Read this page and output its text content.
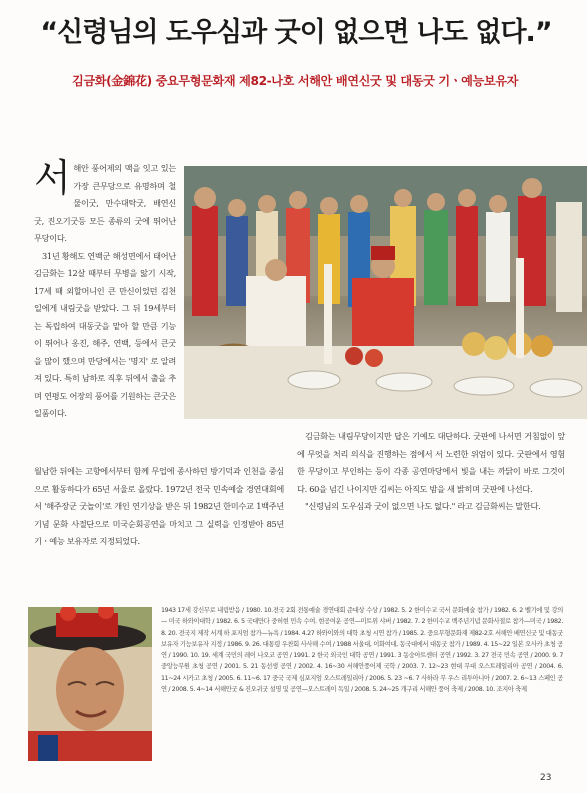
“신령님의 도우심과 굿이 없으면 나도 없다.”
김금화(金錦花) 중요무형문화재 제82-나호 서해안 배연신굿 및 대동굿 기ㆍ예능보유자

서해안 풍어제의 맥을 잇고 있는 가장 큰무당으로 유명하며 철물이굿, 만수대탁굿, 배연신굿, 진오기굿등 모든 종류의 굿에 뛰어난 무당이다.

31년 황해도 연백군 해성면에서 태어난 김금화는 12살 때부터 무병을 앓기 시작, 17세 때 외할머니인 큰 만신이었던 김천일에게 내림굿을 받았다. 그 뒤 19세부터는 독립하여 대동굿을 맡아 할 만큼 기능이 뛰어나 옹진, 해주, 연백, 등에서 큰굿을 많이 했으며 만당에서는 '명지' 로 알려져 있다. 특히 남하로 직후 뒤에서 출을 추며 연평도 어장의 풍어를 기원하는 큰굿은 일품이다.

월남한 뒤에는 고향에서부터 함께 무업에 종사하던 방기덕과 인천을 중심으로 활동하다가 65년 서울로 올랐다. 1972년 전국 민속예술 경연대회에서 '해주장군 굿놀이'로 개인 연기상을 받은 뒤 1982년 한미수교 1백주년 기념 문화 사절단으로 미국순회공연을 마치고 그 실력을 인정받아 85년 기ㆍ예능 보유자로 지정되었다.

김금화는 내림무당이지만 답은 기예도 대단하다. 굿판에 나서면 거침없이 앞에 무엇을 처리 의식을 진행하는 점에서 서 노련한 위엄이 있다. 굿판에서 영험한 무당이고 부인하는 등이 각종 공연마당에서 빛을 내는 까닭이 바로 그것이다. 60을 넘긴 나이지만 김씨는 아직도 밤을 새 밝히며 굿판에 나선다.

"신령님의 도우심과 굿이 없으면 나도 없다." 라고 김금화씨는 말한다.

1943 17세 강신무로 내림받음 / 1980. 10.전국 2회 전통예술 경연대회 준대상 수상 / 1982. 5. 2 한미수교 국서 문화예술 참가 / 1982. 6. 2 벨기에 및 강의 — 미국 하와이대학 / 1982. 6. 5 국대만다 중허현 민속 수여. 현공여운 공연—미트위 샤버 / 1982. 7. 2 한미수교 백주년기념 문화사절로 참가—미국 / 1982. 8. 20. 전국지 제작 서계 하 포지엄 참가—뉴욕 / 1984. 4.27 하와이와의 대학 초청 시연 참가 / 1985. 2. 중요무형문화재 제82-2호 서해안 배연신굿 및 대동굿 보유자 기능보유자 지정 / 1986. 9. 26. 대통령 우찬회 사사해 수여 / 1988 서울대, 이화여대, 동국대에서 대동굿 참가 / 1989. 4. 15~22 일본 오사카 초청 공연 / 1990. 10. 19. 세계 국민의 레이 나오코 공연 / 1991. 2 한국 외국인 대학 공연 / 1991. 3 동숭아트센터 공연 / 1992. 3. 27 전국 민속 공연 / 2000. 9. 7 중앙능무원 초청 공연 / 2001. 5. 21 동선생 공연 / 2002. 4. 16~30 서해안풍어제 국학 / 2003. 7. 12~23 현대 무대 오스트레일리아 공연 / 2004. 6. 11~24 시카고 초청 / 2005. 6. 11~6. 17 중국 국제 심포지엄 오스트레일리아 / 2006. 5. 23 ~6. 7 사하라 무 우스 리투아니아 / 2007. 2. 6~13 스페인 공연 / 2008. 5. 4~14 서해안굿 & 진오귀굿 설명 및 공연—오스트레이 독일 / 2008. 5. 24~25 개구리 서해안 풍어 축제 / 2008. 10. 조지아 축제
23
